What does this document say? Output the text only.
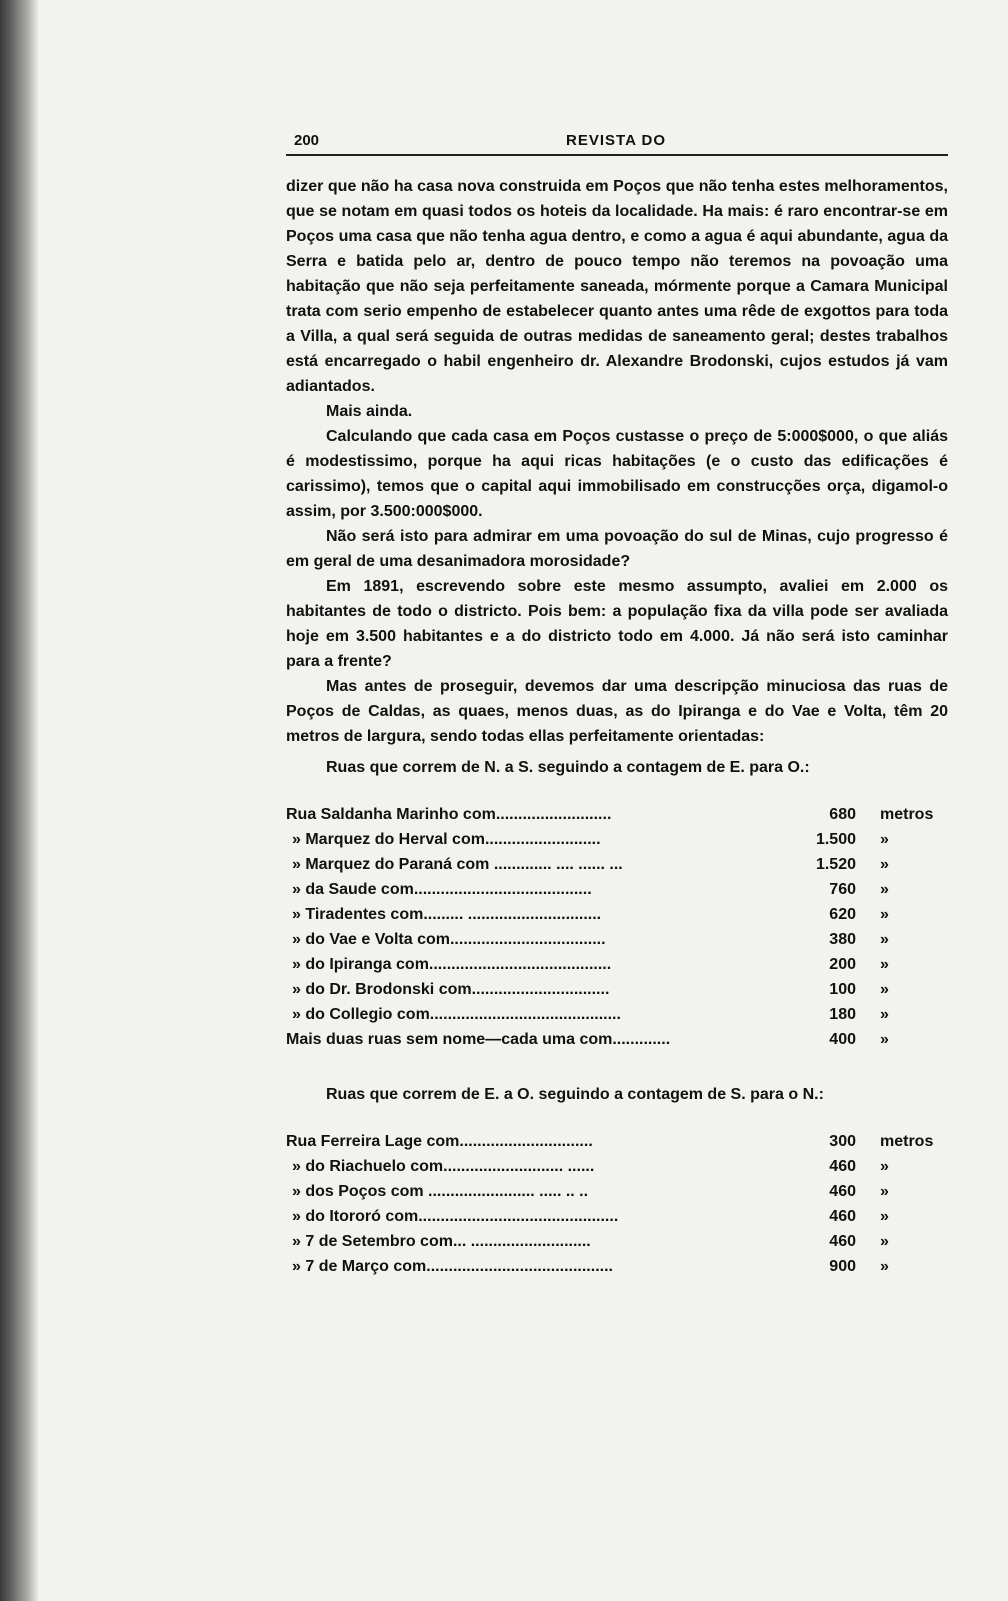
200	REVISTA DO

dizer que não ha casa nova construida em Poços que não tenha estes melhoramentos, que se notam em quasi todos os hoteis da localidade. Ha mais: é raro encontrar-se em Poços uma casa que não tenha agua dentro, e como a agua é aqui abundante, agua da Serra e batida pelo ar, dentro de pouco tempo não teremos na povoação uma habitação que não seja perfeitamente saneada, mórmente porque a Camara Municipal trata com serio empenho de estabelecer quanto antes uma rêde de exgottos para toda a Villa, a qual será seguida de outras medidas de saneamento geral; destes trabalhos está encarregado o habil engenheiro dr. Alexandre Brodonski, cujos estudos já vam adiantados.

Mais ainda.

Calculando que cada casa em Poços custasse o preço de 5:000$000, o que aliás é modestissimo, porque ha aqui ricas habitações (e o custo das edificações é carissimo), temos que o capital aqui immobilisado em construcções orça, digamol-o assim, por 3.500:000$000.

Não será isto para admirar em uma povoação do sul de Minas, cujo progresso é em geral de uma desanimadora morosidade?

Em 1891, escrevendo sobre este mesmo assumpto, avaliei em 2.000 os habitantes de todo o districto. Pois bem: a população fixa da villa pode ser avaliada hoje em 3.500 habitantes e a do districto todo em 4.000. Já não será isto caminhar para a frente?

Mas antes de proseguir, devemos dar uma descripção minuciosa das ruas de Poços de Caldas, as quaes, menos duas, as do Ipiranga e do Vae e Volta, têm 20 metros de largura, sendo todas ellas perfeitamente orientadas:

Ruas que correm de N. a S. seguindo a contagem de E. para O.:
Rua Saldanha Marinho com..........................	680	metros
» Marquez do Herval com..........................	1.500	»
» Marquez do Paraná com ............. .... ...... ...	1.520	»
» da Saude com........................................	760	»
» Tiradentes com......... ..............................	620	»
» do Vae e Volta com...................................	380	»
» do Ipiranga com.........................................	200	»
» do Dr. Brodonski com...............................	100	»
» do Collegio com...........................................	180	»
Mais duas ruas sem nome—cada uma com.............	400	»
Ruas que correm de E. a O. seguindo a contagem de S. para o N.:
Rua Ferreira Lage com..............................	300	metros
» do Riachuelo com........................... ......	460	»
» dos Poços com ........................ ..... .. ..	460	»
» do Itororó com.............................................	460	»
» 7 de Setembro com... ...........................	460	»
» 7 de Março com..........................................	900	»
